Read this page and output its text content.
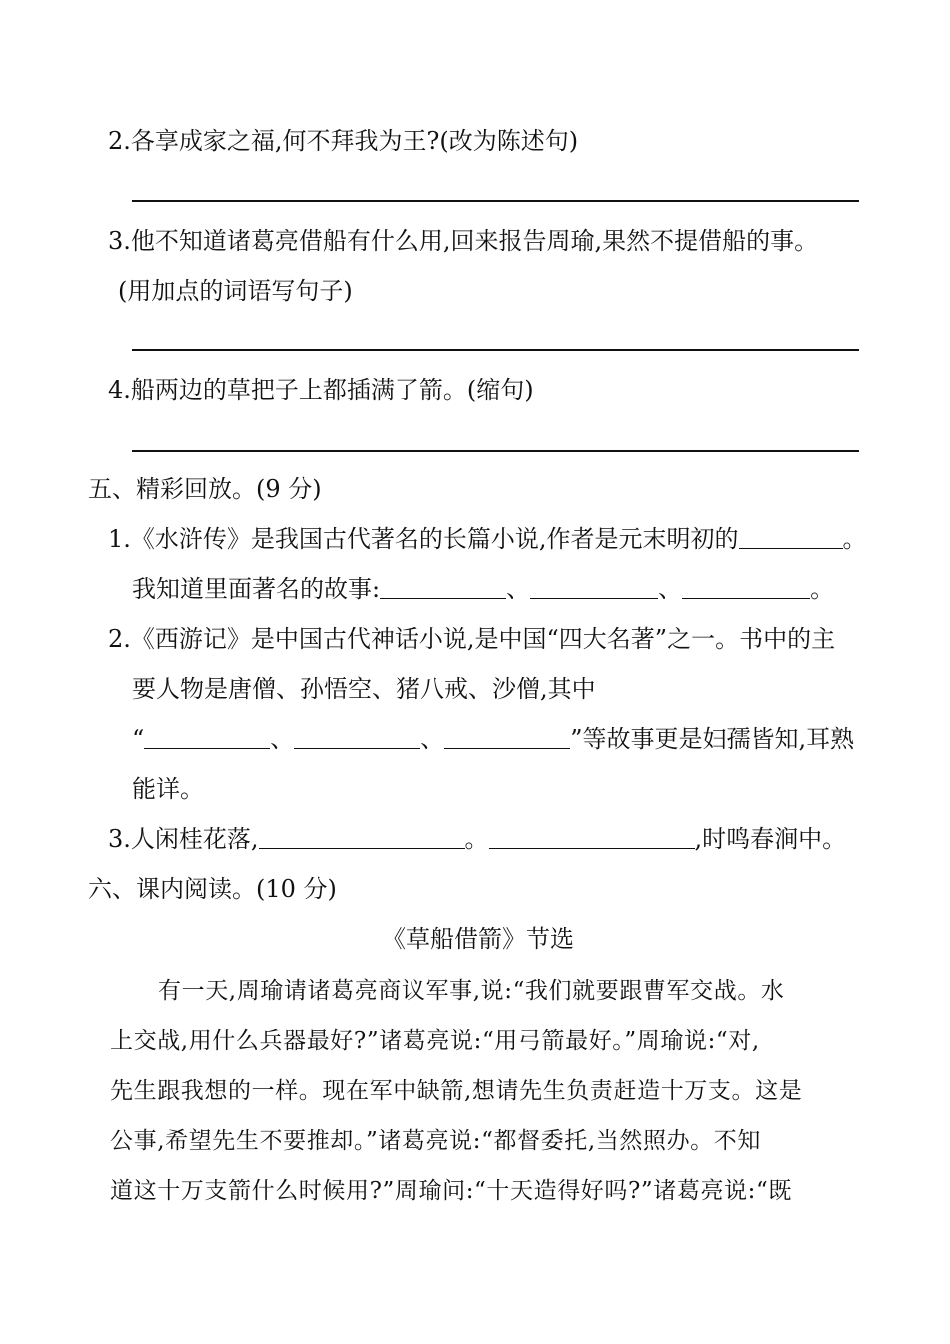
2.各享成家之福,何不拜我为王?(改为陈述句)
3.他不知道诸葛亮借船有什么用,回来报告周瑜,果然不提借船的事。
(用加点的词语写句子)
4.船两边的草把子上都插满了箭。(缩句)
五、精彩回放。(9 分)
1.《水浒传》是我国古代著名的长篇小说,作者是元末明初的	。
我知道里面著名的故事:	、	、	。
2.《西游记》是中国古代神话小说,是中国“四大名著”之一。书中的主
要人物是唐僧、孙悟空、猪八戒、沙僧,其中
“	、	、	”等故事更是妇孺皆知,耳熟
能详。
3.人闲桂花落,	。	,时鸣春涧中。
六、课内阅读。(10 分)
《草船借箭》节选
有一天,周瑜请诸葛亮商议军事,说:“我们就要跟曹军交战。水
上交战,用什么兵器最好?”诸葛亮说:“用弓箭最好。”周瑜说:“对,
先生跟我想的一样。现在军中缺箭,想请先生负责赶造十万支。这是
公事,希望先生不要推却。”诸葛亮说:“都督委托,当然照办。不知
道这十万支箭什么时候用?”周瑜问:“十天造得好吗?”诸葛亮说:“既
